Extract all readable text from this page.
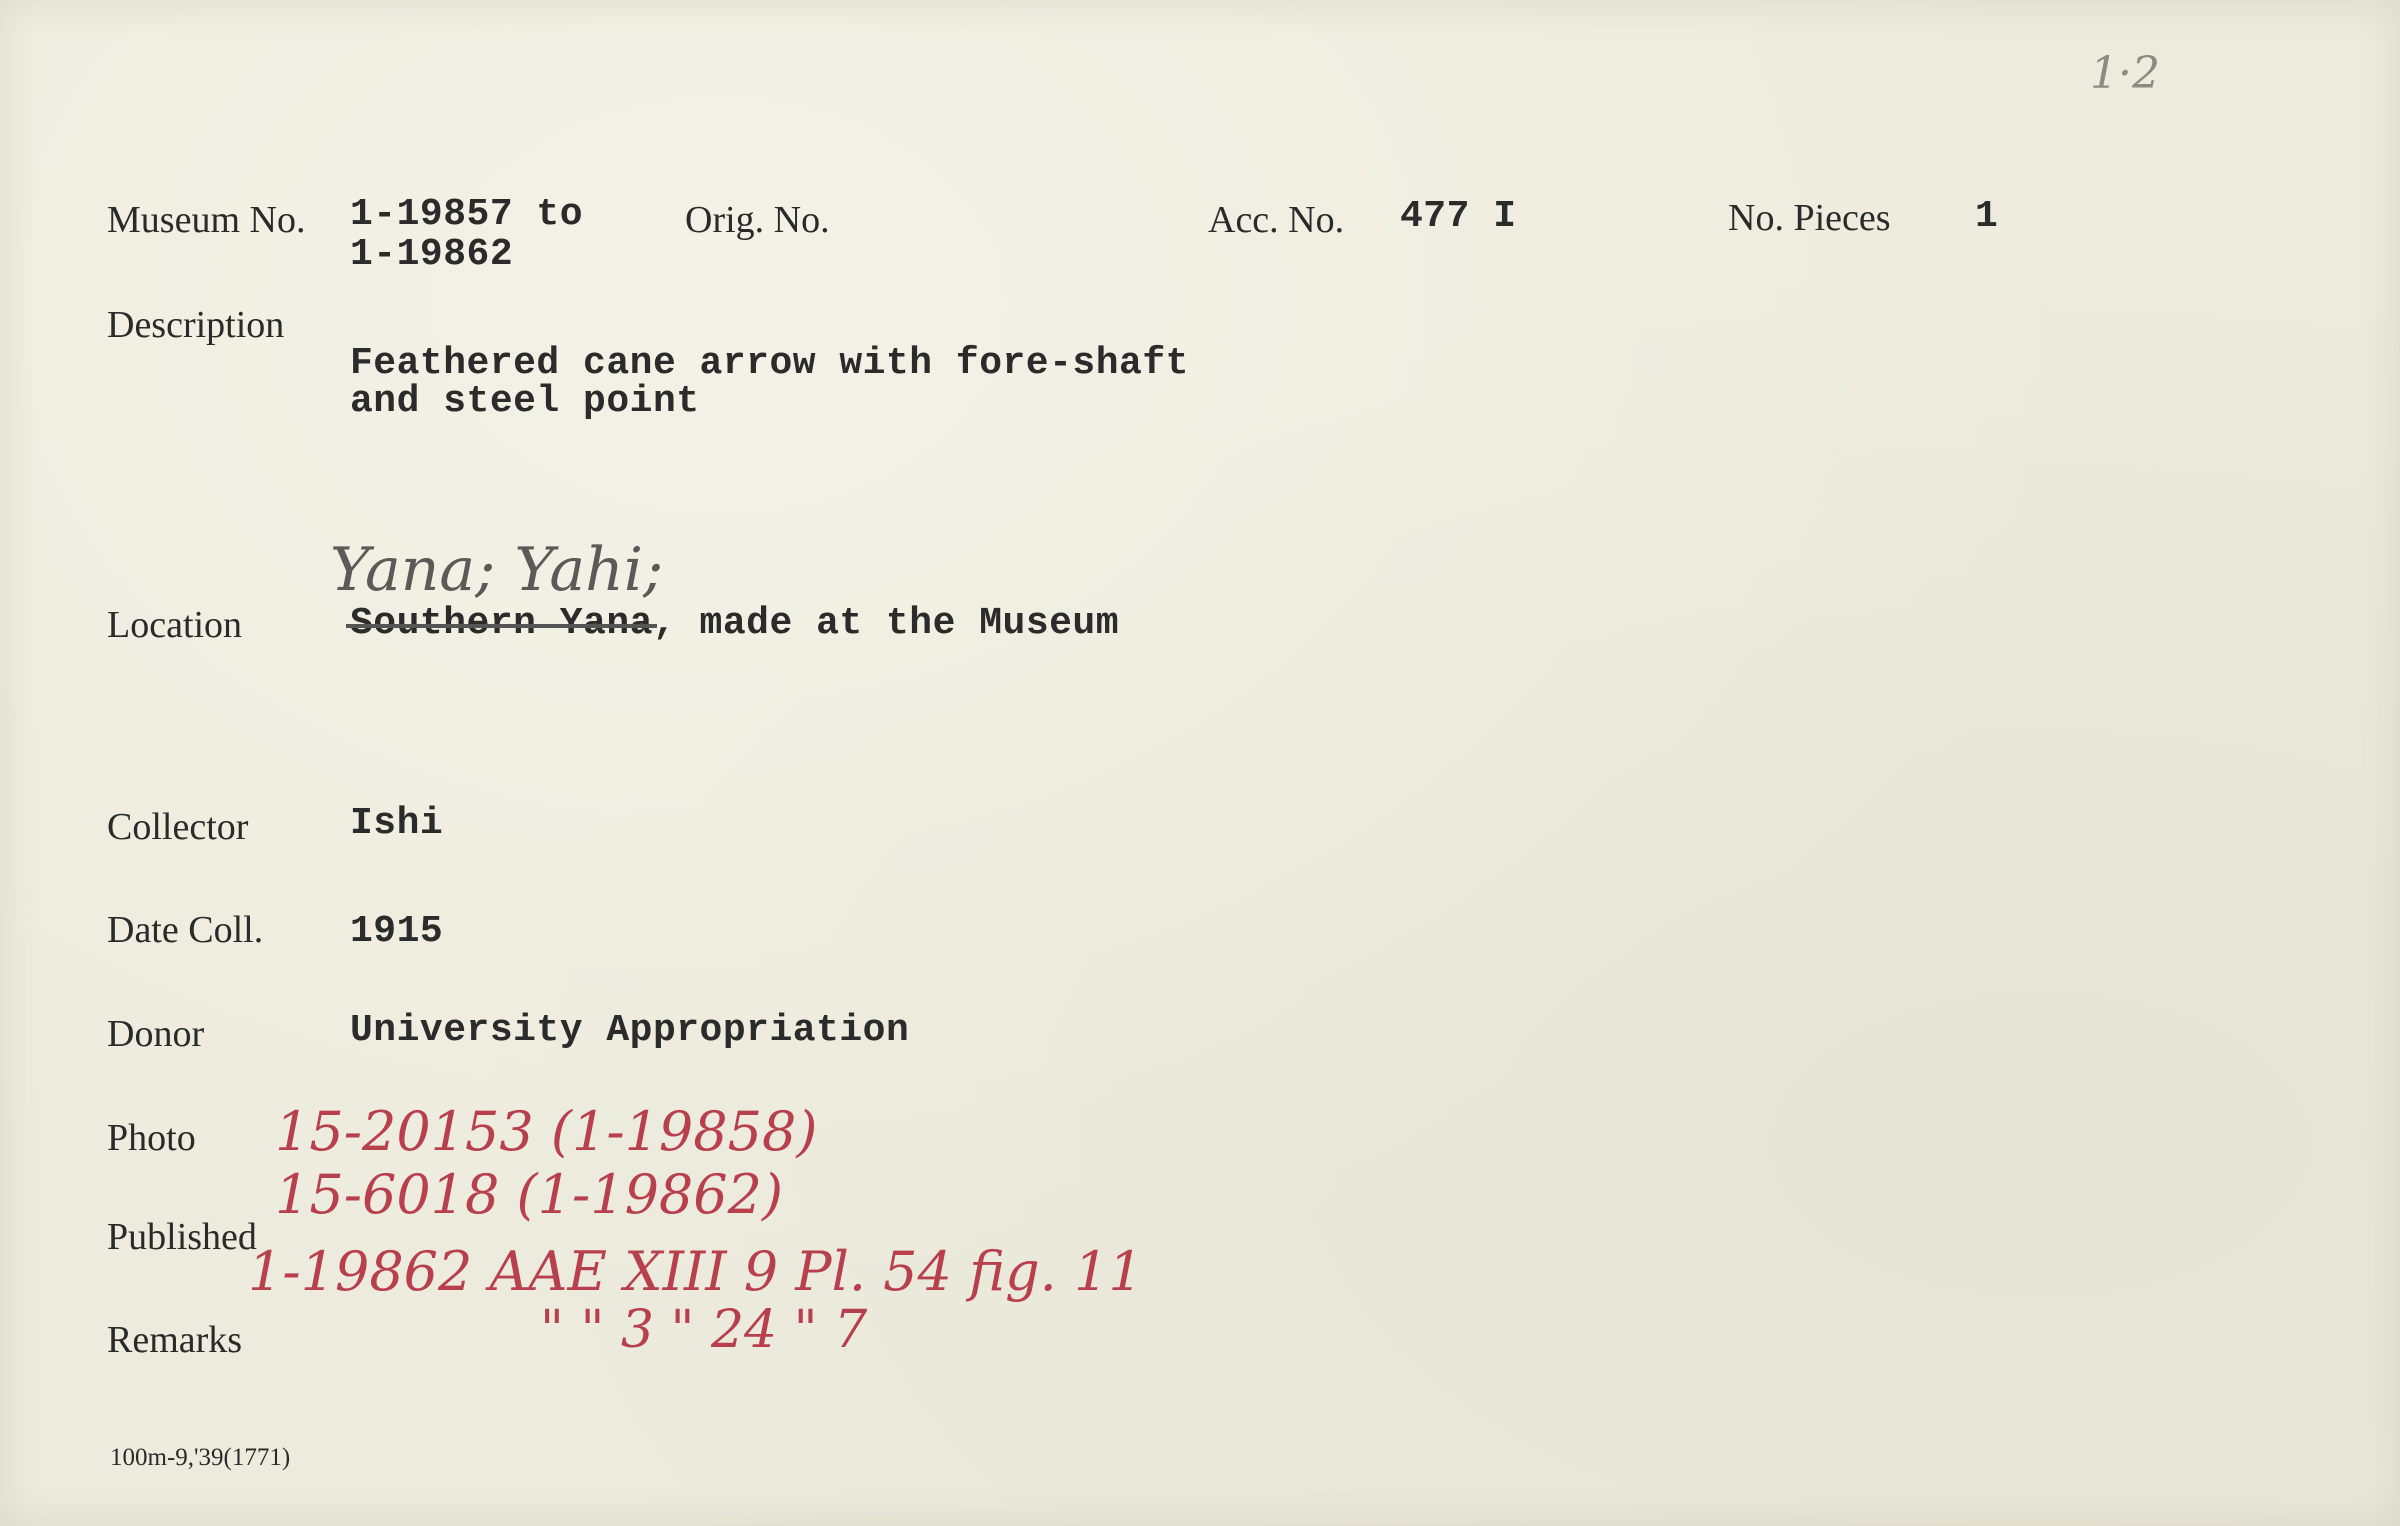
1·2
Museum No. 1-19857 to
1-19862
Orig. No.	Acc. No. 477 I	No. Pieces 1
Description
Feathered cane arrow with fore-shaft
and steel point
Yana; Yahi;
Location	Southern Yana, made at the Museum
Collector	Ishi
Date Coll. 1915
Donor	University Appropriation
Photo 15-20153 (1-19858)
15-6018 (1-19862)
Published
1-19862 AAE XIII 9 Pl. 54 fig. 11
" " 3 " 24 " 7
Remarks
100m-9,'39(1771)
